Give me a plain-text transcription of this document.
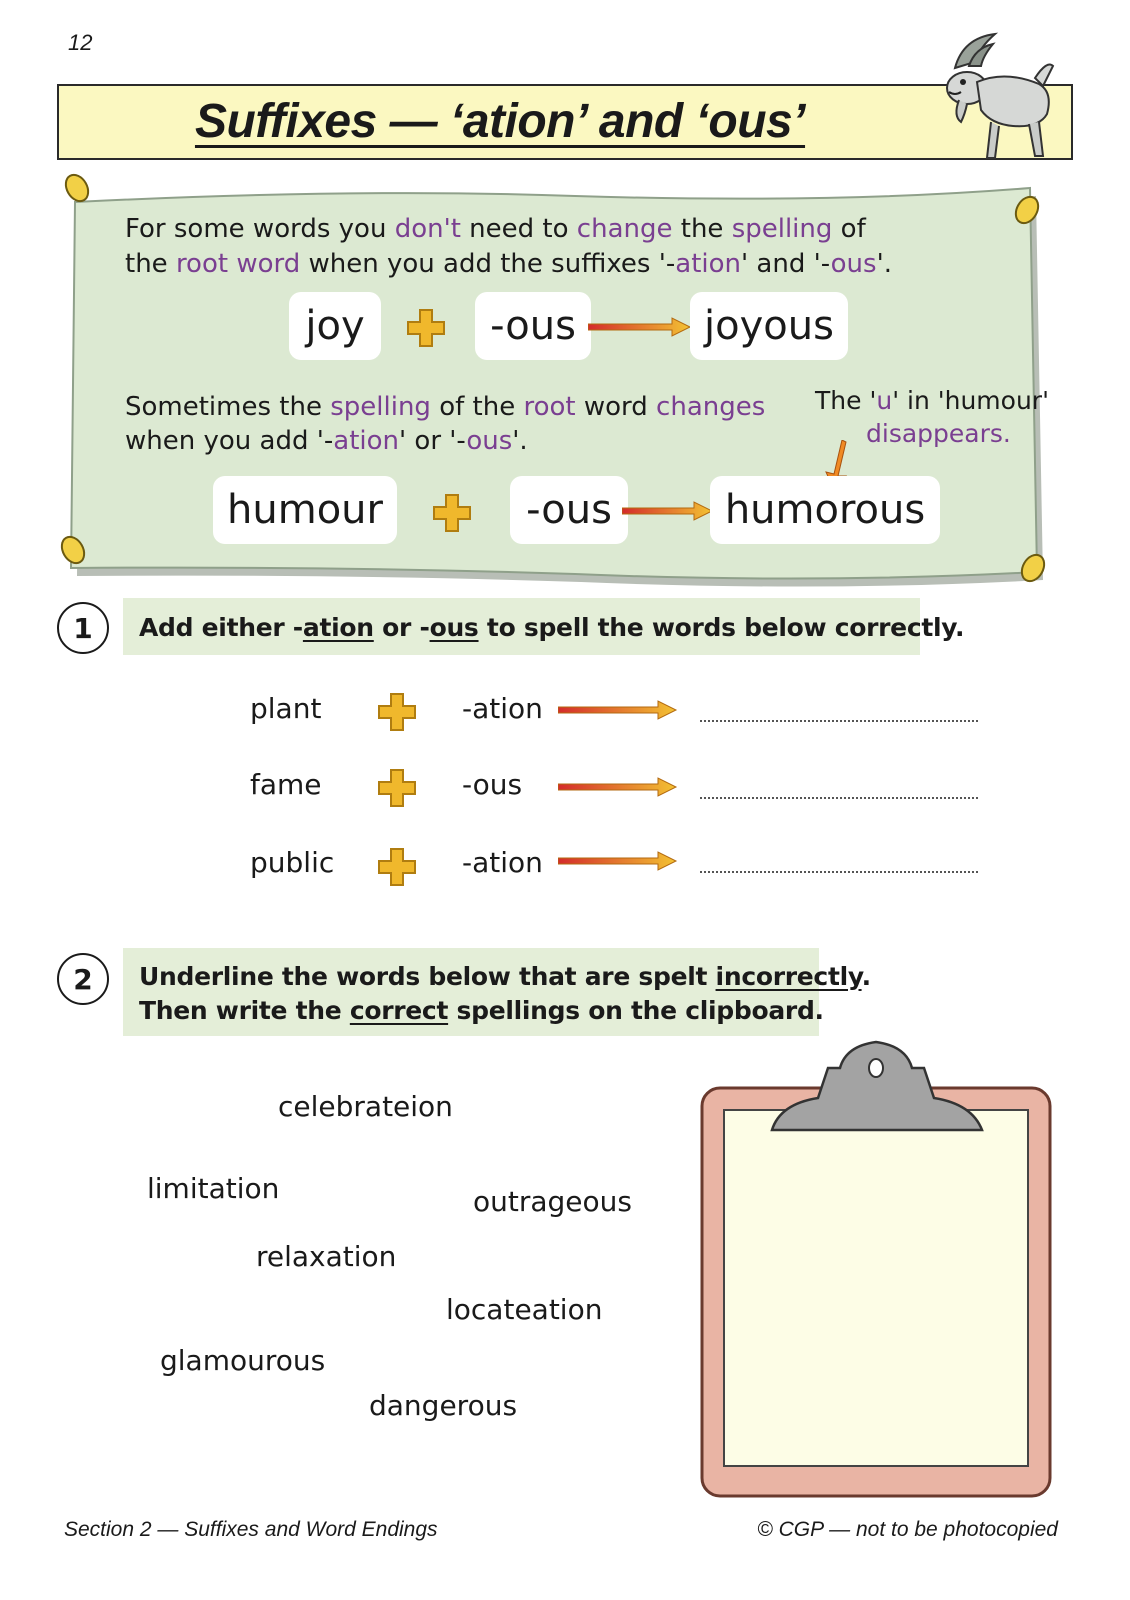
12
Suffixes — ‘ation’ and ‘ous’
For some words you don't need to change the spelling of
the root word when you add the suffixes '-ation' and '-ous'.
joy	-ous	joyous
Sometimes the spelling of the root word changes
when you add '-ation' or '-ous'.
The 'u' in 'humour'
disappears.
humour	-ous	humorous
1	Add either -ation or -ous to spell the words below correctly.
plant	-ation
fame	-ous
public	-ation
2	Underline the words below that are spelt incorrectly.
Then write the correct spellings on the clipboard.
celebrateion
limitation	outrageous
relaxation
locateation
glamourous
dangerous
Section 2 — Suffixes and Word Endings	© CGP — not to be photocopied
